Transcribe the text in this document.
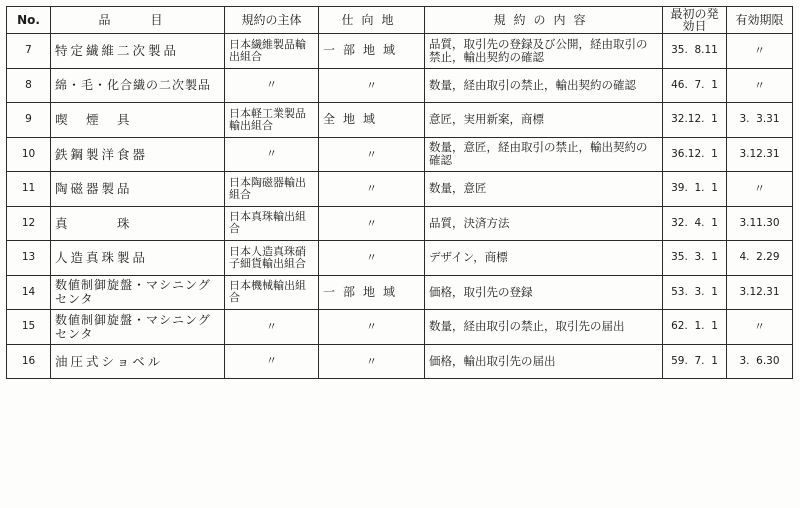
No.	品　目	規約の主体	仕向地	規約の内容	最初の発効日	有効期限
7	特定繊維二次製品	日本繊維製品輸出組合	一部地域	品質，取引先の登録及び公開，経由取引の禁止，輸出契約の確認	35.  8.11	〃

8	綿・毛・化合繊の二次製品	〃	〃	数量，経由取引の禁止，輸出契約の確認	46.  7.  1	〃

9	喫　煙　具	日本軽工業製品輸出組合	全地域	意匠，実用新案，商標	32.12.  1	3.  3.31
10	鉄鋼製洋食器	〃	〃	数量，意匠，経由取引の禁止，輸出契約の確認	36.12.  1	3.12.31
11	陶磁器製品	日本陶磁器輸出組合	〃	数量，意匠	39.  1.  1	〃

12	真　　　珠	日本真珠輸出組合	〃	品質，決済方法	32.  4.  1	3.11.30
13	人造真珠製品	日本人造真珠硝子細貨輸出組合	〃	デザイン，商標	35.  3.  1	4.  2.29
14	数値制御旋盤・マシニングセンタ	日本機械輸出組合	一部地域	価格，取引先の登録	53.  3.  1	3.12.31
15	数値制御旋盤・マシニングセンタ	〃	〃	数量，経由取引の禁止，取引先の届出	62.  1.  1	〃

16	油圧式ショベル	〃	〃	価格，輸出取引先の届出	59.  7.  1	3.  6.30
